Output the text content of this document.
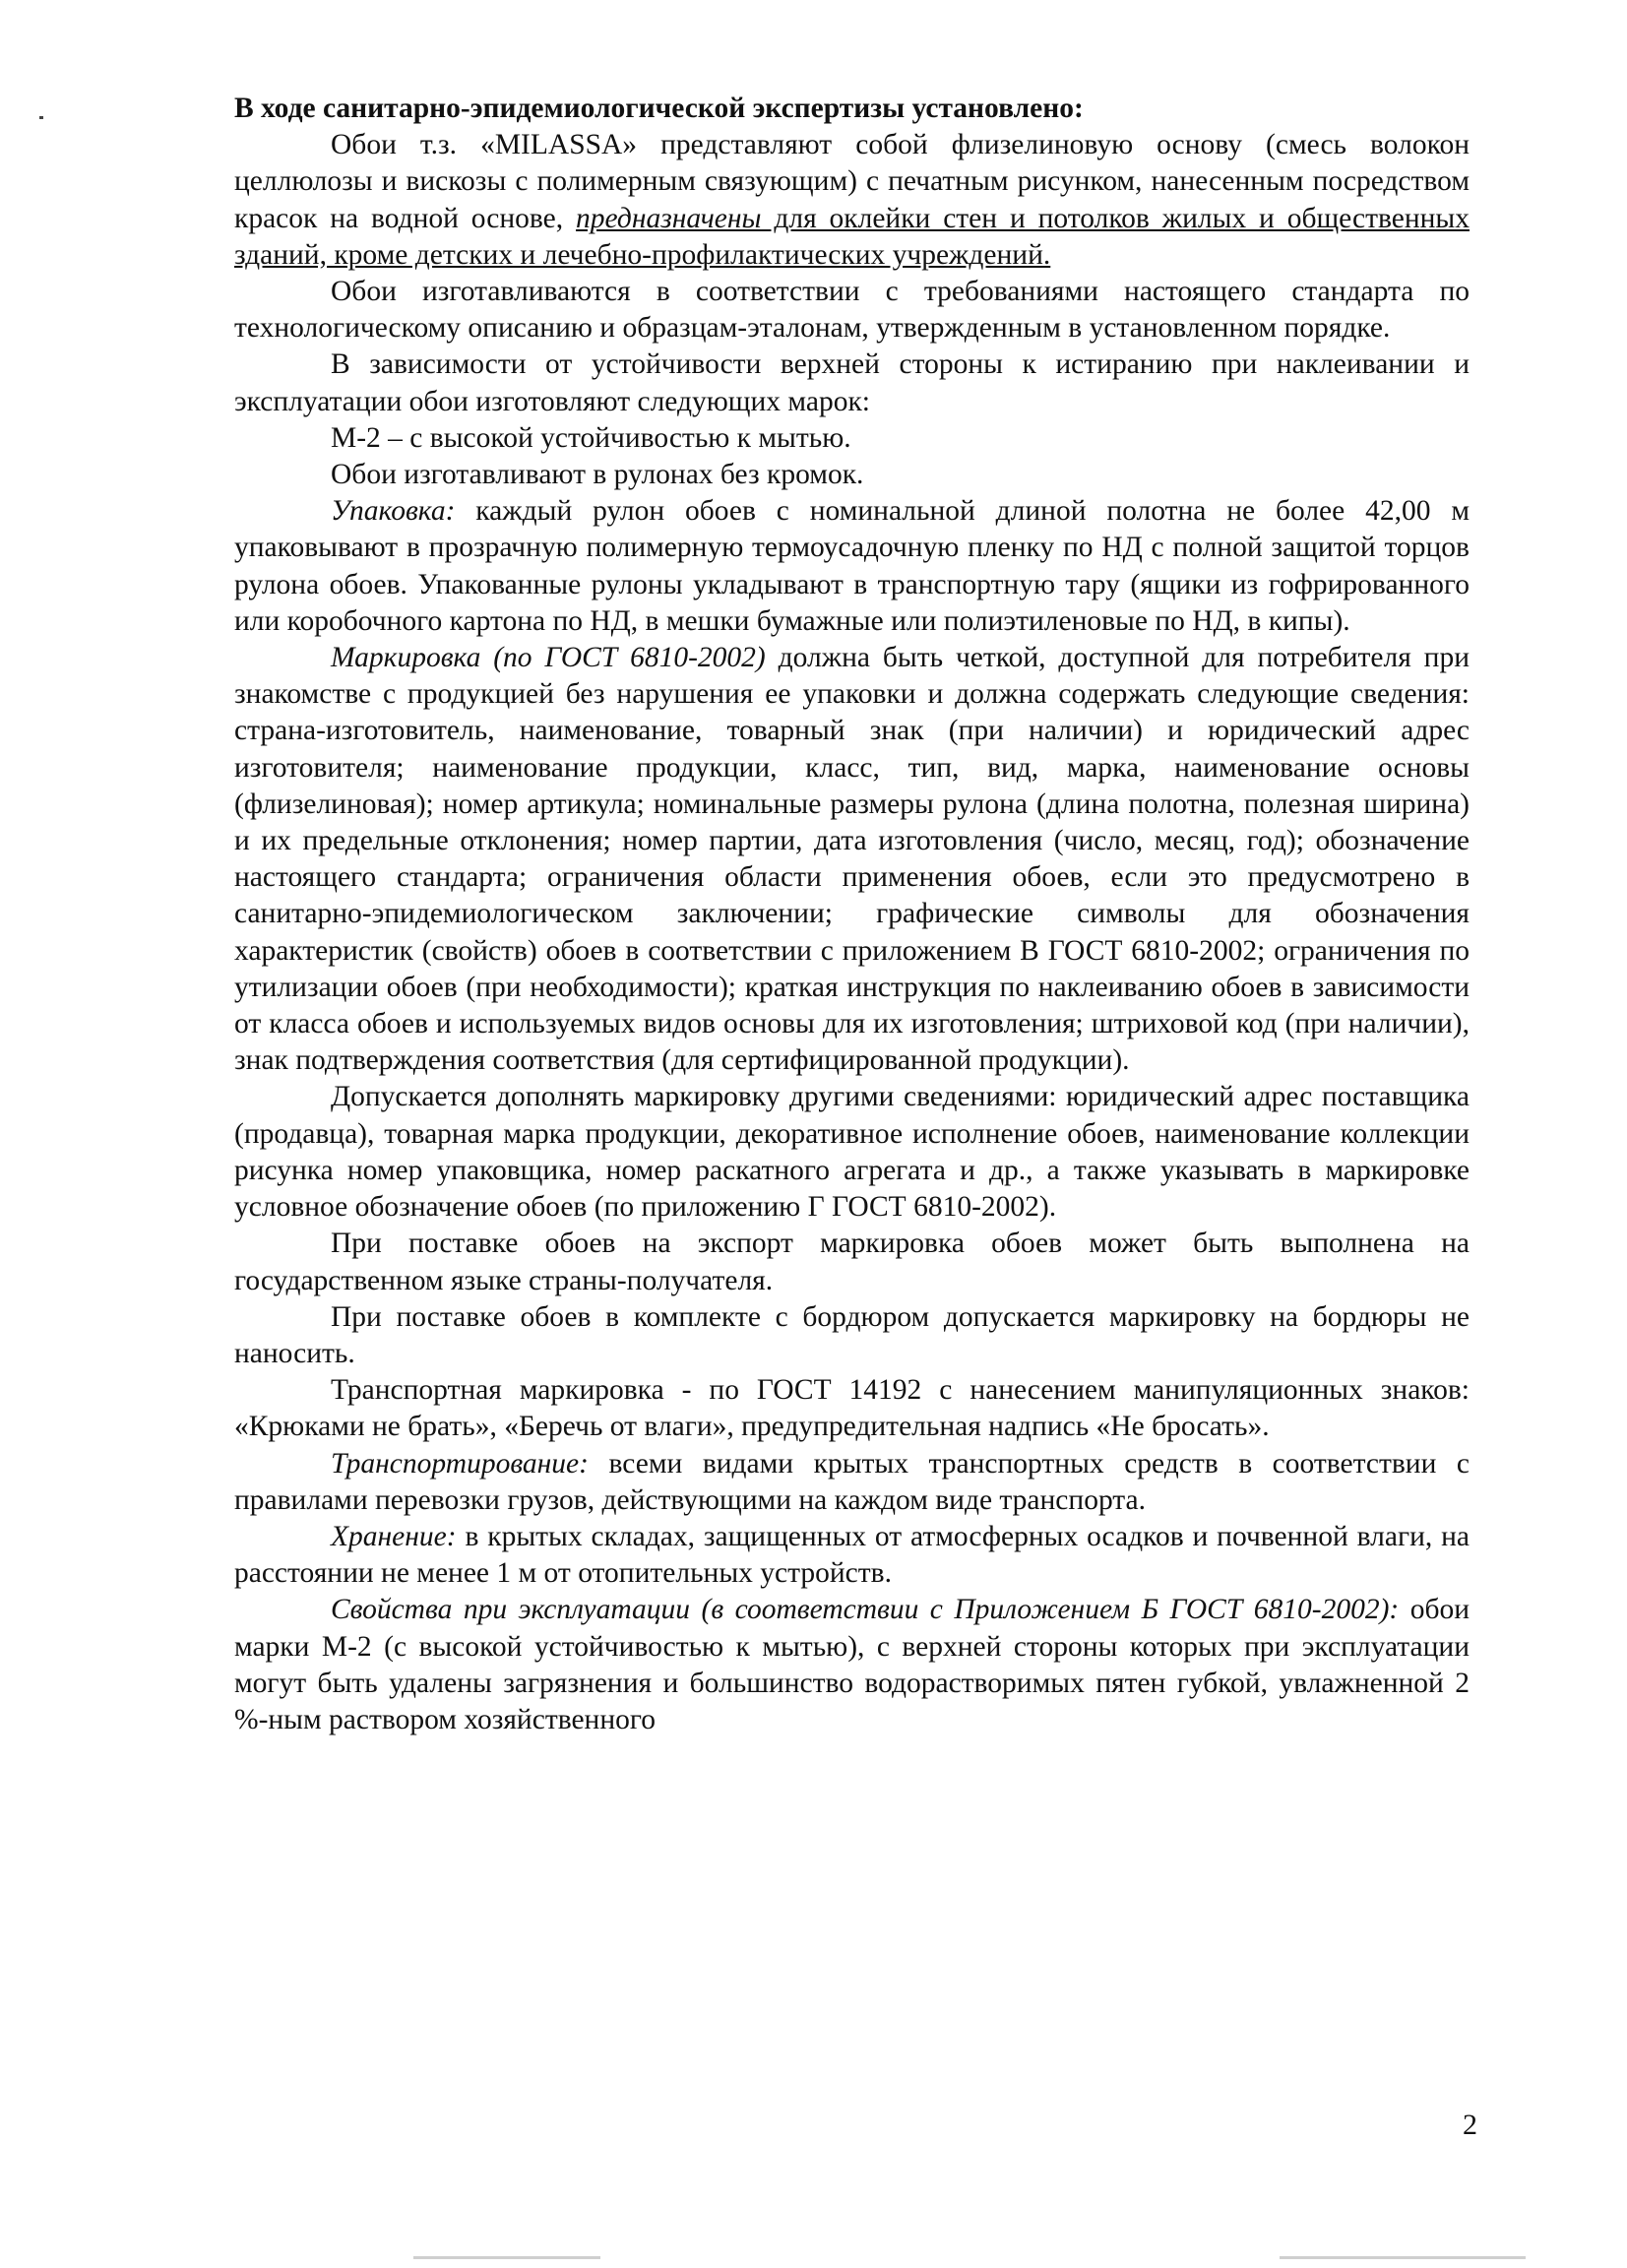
В ходе санитарно-эпидемиологической экспертизы установлено:

Обои т.з. «MILASSA» представляют собой флизелиновую основу (смесь волокон целлюлозы и вискозы с полимерным связующим) с печатным рисунком, нанесенным посредством красок на водной основе, предназначены для оклейки стен и потолков жилых и общественных зданий, кроме детских и лечебно-профилактических учреждений.

Обои изготавливаются в соответствии с требованиями настоящего стандарта по технологическому описанию и образцам-эталонам, утвержденным в установленном порядке.

В зависимости от устойчивости верхней стороны к истиранию при наклеивании и эксплуатации обои изготовляют следующих марок:

М-2 – с высокой устойчивостью к мытью.

Обои изготавливают в рулонах без кромок.

Упаковка: каждый рулон обоев с номинальной длиной полотна не более 42,00 м упаковывают в прозрачную полимерную термоусадочную пленку по НД с полной защитой торцов рулона обоев. Упакованные рулоны укладывают в транспортную тару (ящики из гофрированного или коробочного картона по НД, в мешки бумажные или полиэтиленовые по НД, в кипы).

Маркировка (по ГОСТ 6810-2002) должна быть четкой, доступной для потребителя при знакомстве с продукцией без нарушения ее упаковки и должна содержать следующие сведения: страна-изготовитель, наименование, товарный знак (при наличии) и юридический адрес изготовителя; наименование продукции, класс, тип, вид, марка, наименование основы (флизелиновая); номер артикула; номинальные размеры рулона (длина полотна, полезная ширина) и их предельные отклонения; номер партии, дата изготовления (число, месяц, год); обозначение настоящего стандарта; ограничения области применения обоев, если это предусмотрено в санитарно-эпидемиологическом заключении; графические символы для обозначения характеристик (свойств) обоев в соответствии с приложением В ГОСТ 6810-2002; ограничения по утилизации обоев (при необходимости); краткая инструкция по наклеиванию обоев в зависимости от класса обоев и используемых видов основы для их изготовления; штриховой код (при наличии), знак подтверждения соответствия (для сертифицированной продукции).

Допускается дополнять маркировку другими сведениями: юридический адрес поставщика (продавца), товарная марка продукции, декоративное исполнение обоев, наименование коллекции рисунка номер упаковщика, номер раскатного агрегата и др., а также указывать в маркировке условное обозначение обоев (по приложению Г ГОСТ 6810-2002).

При поставке обоев на экспорт маркировка обоев может быть выполнена на государственном языке страны-получателя.

При поставке обоев в комплекте с бордюром допускается маркировку на бордюры не наносить.

Транспортная маркировка - по ГОСТ 14192 с нанесением манипуляционных знаков: «Крюками не брать», «Беречь от влаги», предупредительная надпись «Не бросать».

Транспортирование: всеми видами крытых транспортных средств в соответствии с правилами перевозки грузов, действующими на каждом виде транспорта.

Хранение: в крытых складах, защищенных от атмосферных осадков и почвенной влаги, на расстоянии не менее 1 м от отопительных устройств.

Свойства при эксплуатации (в соответствии с Приложением Б ГОСТ 6810-2002): обои марки М-2 (с высокой устойчивостью к мытью), с верхней стороны которых при эксплуатации могут быть удалены загрязнения и большинство водорастворимых пятен губкой, увлажненной 2 %-ным раствором хозяйственного

2
